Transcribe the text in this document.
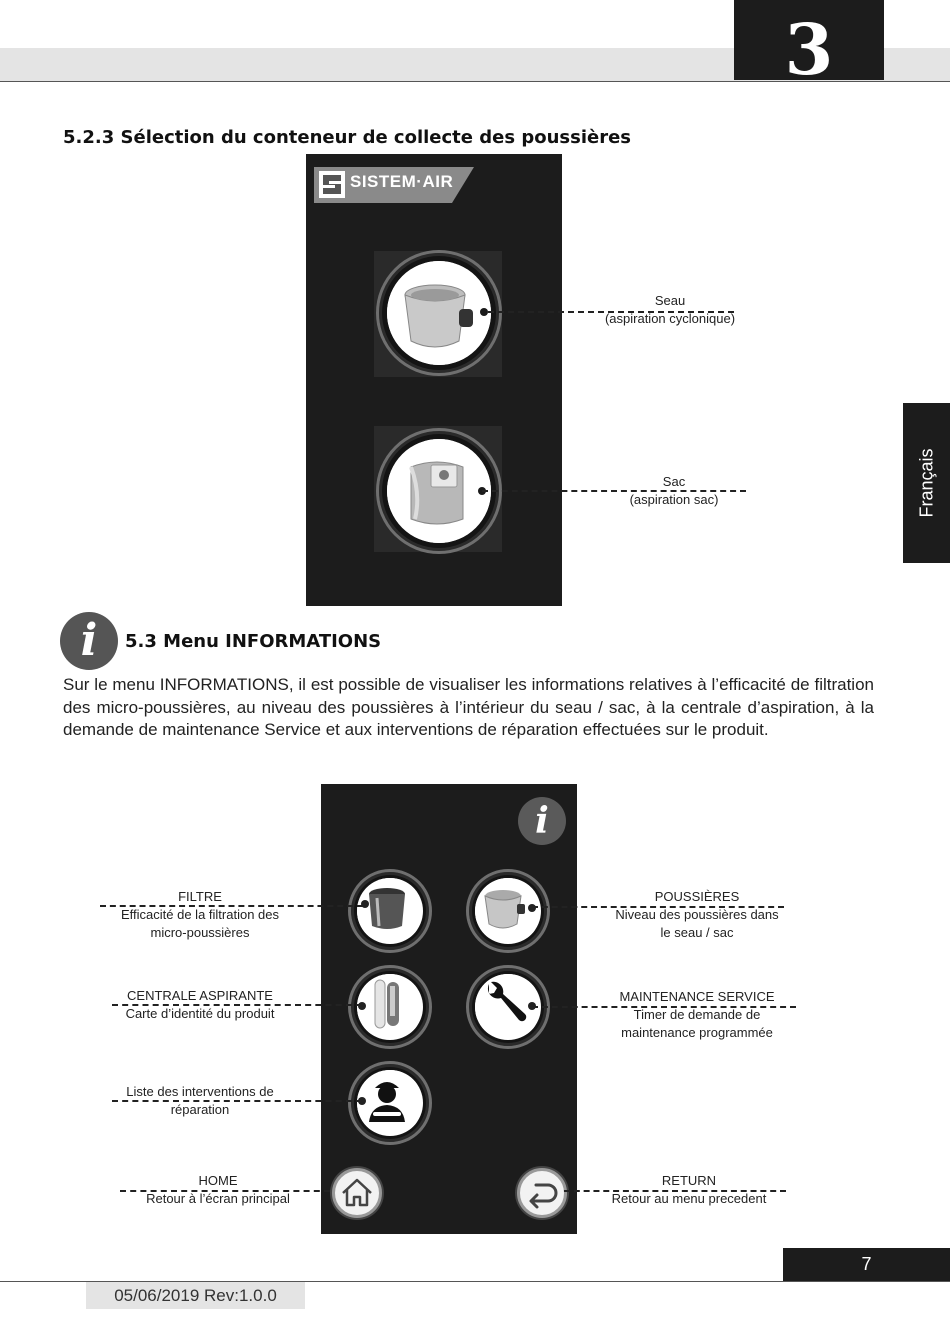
3
Français
5.2.3 Sélection du conteneur de collecte des poussières
SISTEM·AIR
Seau
(aspiration cyclonique)
Sac
(aspiration sac)
i	5.3 Menu INFORMATIONS

Sur le menu INFORMATIONS, il est possible de visualiser les informations relatives à l’efficacité de filtration des micro-poussières, au niveau des poussières à l’intérieur du seau / sac, à la centrale d’aspiration, à la demande de maintenance Service et aux interventions de réparation effectuées sur le produit.

i
FILTRE
Efficacité de la filtration des
micro-poussières
POUSSIÈRES
Niveau des poussières dans
le seau / sac
CENTRALE ASPIRANTE
Carte d’identité du produit
MAINTENANCE SERVICE
Timer de demande de
maintenance programmée
Liste des interventions de
réparation
HOME
Retour à l’écran principal
RETURN
Retour au menu precedent
7
05/06/2019 Rev:1.0.0
